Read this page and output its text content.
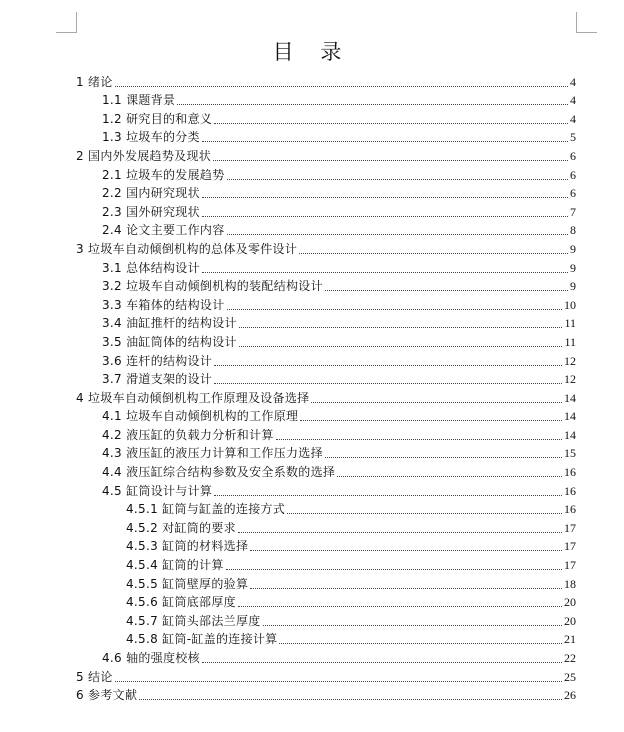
目 录
1 绪论	4
1.1 课题背景	4
1.2 研究目的和意义	4
1.3 垃圾车的分类	5
2 国内外发展趋势及现状	6
2.1 垃圾车的发展趋势	6
2.2 国内研究现状	6
2.3 国外研究现状	7
2.4 论文主要工作内容	8
3 垃圾车自动倾倒机构的总体及零件设计	9
3.1 总体结构设计	9
3.2 垃圾车自动倾倒机构的装配结构设计	9
3.3 车箱体的结构设计	10
3.4 油缸推杆的结构设计	11
3.5 油缸筒体的结构设计	11
3.6 连杆的结构设计	12
3.7 滑道支架的设计	12
4 垃圾车自动倾倒机构工作原理及设备选择	14
4.1 垃圾车自动倾倒机构的工作原理	14
4.2 液压缸的负载力分析和计算	14
4.3 液压缸的液压力计算和工作压力选择	15
4.4 液压缸综合结构参数及安全系数的选择	16
4.5 缸筒设计与计算	16
4.5.1 缸筒与缸盖的连接方式	16
4.5.2 对缸筒的要求	17
4.5.3 缸筒的材料选择	17
4.5.4 缸筒的计算	17
4.5.5 缸筒壁厚的验算	18
4.5.6 缸筒底部厚度	20
4.5.7 缸筒头部法兰厚度	20
4.5.8 缸筒-缸盖的连接计算	21
4.6 轴的强度校核	22
5 结论	25
6 参考文献	26
